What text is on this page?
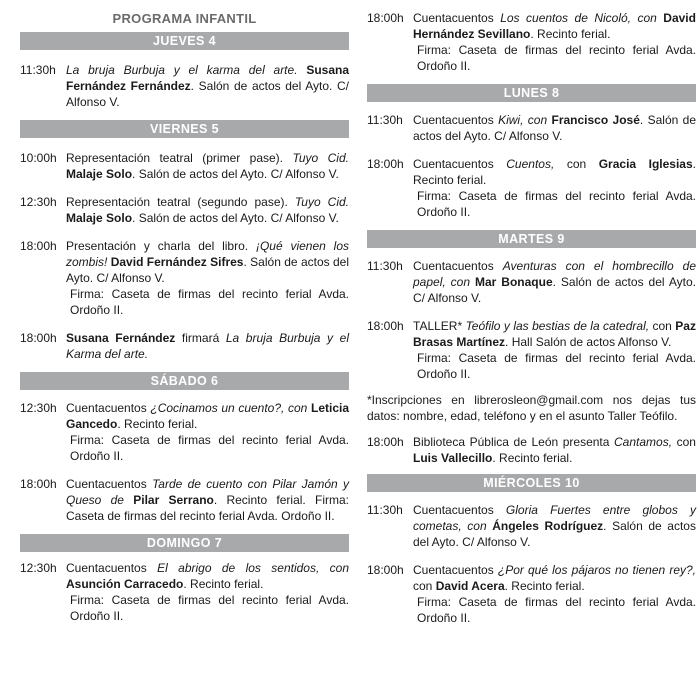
PROGRAMA INFANTIL
JUEVES 4
11:30h La bruja Burbuja y el karma del arte. Susana Fernández Fernández. Salón de actos del Ayto. C/ Alfonso V.
VIERNES 5
10:00h Representación teatral (primer pase). Tuyo Cid. Malaje Solo. Salón de actos del Ayto. C/ Alfonso V.
12:30h Representación teatral (segundo pase). Tuyo Cid. Malaje Solo. Salón de actos del Ayto. C/ Alfonso V.
18:00h Presentación y charla del libro. ¡Qué vienen los zombis! David Fernández Sifres. Salón de actos del Ayto. C/ Alfonso V.
Firma: Caseta de firmas del recinto ferial Avda. Ordoño II.
18:00h Susana Fernández firmará La bruja Burbuja y el Karma del arte.
SÁBADO 6
12:30h Cuentacuentos ¿Cocinamos un cuento?, con Leticia Gancedo. Recinto ferial.
Firma: Caseta de firmas del recinto ferial Avda. Ordoño II.
18:00h Cuentacuentos Tarde de cuento con Pilar Jamón y Queso de Pilar Serrano. Recinto ferial. Firma: Caseta de firmas del recinto ferial Avda. Ordoño II.
DOMINGO 7
12:30h Cuentacuentos El abrigo de los sentidos, con Asunción Carracedo. Recinto ferial.
Firma: Caseta de firmas del recinto ferial Avda. Ordoño II.
18:00h Cuentacuentos Los cuentos de Nicoló, con David Hernández Sevillano. Recinto ferial.
Firma: Caseta de firmas del recinto ferial Avda. Ordoño II.
LUNES 8
11:30h Cuentacuentos Kiwi, con Francisco José. Salón de actos del Ayto. C/ Alfonso V.
18:00h Cuentacuentos Cuentos, con Gracia Iglesias. Recinto ferial.
Firma: Caseta de firmas del recinto ferial Avda. Ordoño II.
MARTES 9
11:30h Cuentacuentos Aventuras con el hombrecillo de papel, con Mar Bonaque. Salón de actos del Ayto. C/ Alfonso V.
18:00h TALLER* Teófilo y las bestias de la catedral, con Paz Brasas Martínez. Hall Salón de actos Alfonso V.
Firma: Caseta de firmas del recinto ferial Avda. Ordoño II.
*Inscripciones en librerosleon@gmail.com nos dejas tus datos: nombre, edad, teléfono y en el asunto Taller Teófilo.
18:00h Biblioteca Pública de León presenta Cantamos, con Luis Vallecillo. Recinto ferial.
MIÉRCOLES 10
11:30h Cuentacuentos Gloria Fuertes entre globos y cometas, con Ángeles Rodríguez. Salón de actos del Ayto. C/ Alfonso V.
18:00h Cuentacuentos ¿Por qué los pájaros no tienen rey?, con David Acera. Recinto ferial.
Firma: Caseta de firmas del recinto ferial Avda. Ordoño II.
